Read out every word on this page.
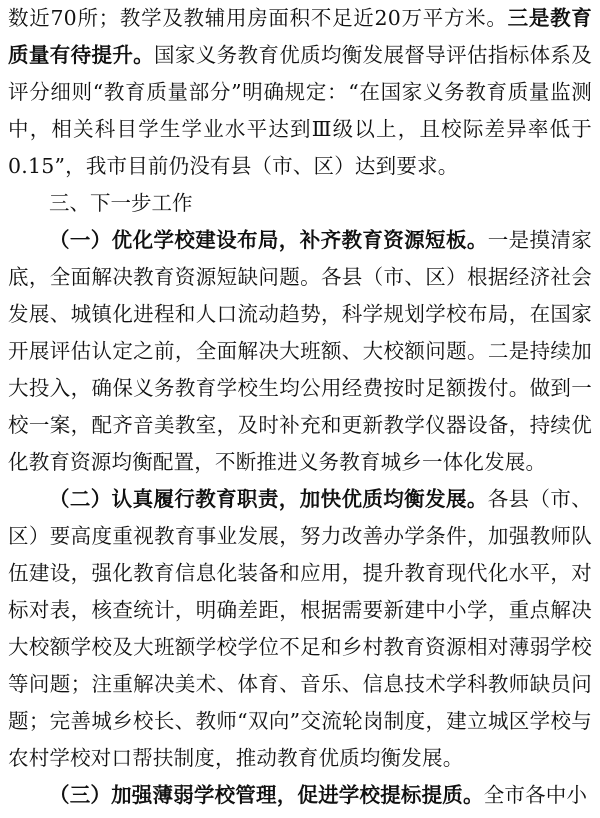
数近70所；教学及教辅用房面积不足近20万平方米。三是教育质量有待提升。国家义务教育优质均衡发展督导评估指标体系及评分细则“教育质量部分”明确规定：“在国家义务教育质量监测中，相关科目学生学业水平达到Ⅲ级以上，且校际差异率低于0.15”，我市目前仍没有县（市、区）达到要求。

三、下一步工作

（一）优化学校建设布局，补齐教育资源短板。一是摸清家底，全面解决教育资源短缺问题。各县（市、区）根据经济社会发展、城镇化进程和人口流动趋势，科学规划学校布局，在国家开展评估认定之前，全面解决大班额、大校额问题。二是持续加大投入，确保义务教育学校生均公用经费按时足额拨付。做到一校一案，配齐音美教室，及时补充和更新教学仪器设备，持续优化教育资源均衡配置，不断推进义务教育城乡一体化发展。

（二）认真履行教育职责，加快优质均衡发展。各县（市、区）要高度重视教育事业发展，努力改善办学条件，加强教师队伍建设，强化教育信息化装备和应用，提升教育现代化水平，对标对表，核查统计，明确差距，根据需要新建中小学，重点解决大校额学校及大班额学校学位不足和乡村教育资源相对薄弱学校等问题；注重解决美术、体育、音乐、信息技术学科教师缺员问题；完善城乡校长、教师“双向”交流轮岗制度，建立城区学校与农村学校对口帮扶制度，推动教育优质均衡发展。

（三）加强薄弱学校管理，促进学校提标提质。全市各中小
